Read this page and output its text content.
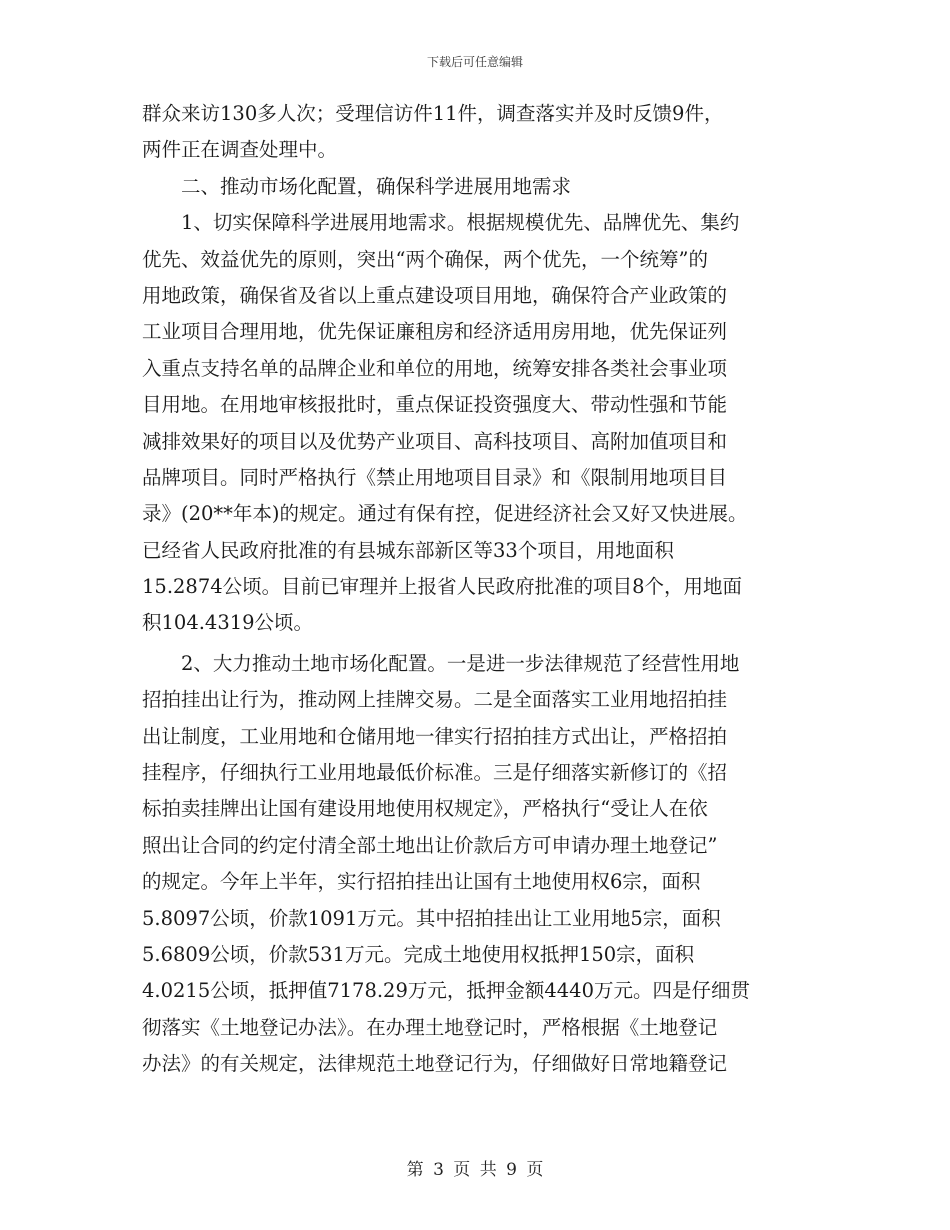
下载后可任意编辑
群众来访130多人次；受理信访件11件，调查落实并及时反馈9件，
两件正在调查处理中。
　　二、推动市场化配置，确保科学进展用地需求
　　1、切实保障科学进展用地需求。根据规模优先、品牌优先、集约
优先、效益优先的原则，突出“两个确保，两个优先，一个统筹”的
用地政策，确保省及省以上重点建设项目用地，确保符合产业政策的
工业项目合理用地，优先保证廉租房和经济适用房用地，优先保证列
入重点支持名单的品牌企业和单位的用地，统筹安排各类社会事业项
目用地。在用地审核报批时，重点保证投资强度大、带动性强和节能
减排效果好的项目以及优势产业项目、高科技项目、高附加值项目和
品牌项目。同时严格执行《禁止用地项目目录》和《限制用地项目目
录》(20**年本)的规定。通过有保有控，促进经济社会又好又快进展。
已经省人民政府批准的有县城东部新区等33个项目，用地面积
15.2874公顷。目前已审理并上报省人民政府批准的项目8个，用地面
积104.4319公顷。
　　2、大力推动土地市场化配置。一是进一步法律规范了经营性用地
招拍挂出让行为，推动网上挂牌交易。二是全面落实工业用地招拍挂
出让制度，工业用地和仓储用地一律实行招拍挂方式出让，严格招拍
挂程序，仔细执行工业用地最低价标准。三是仔细落实新修订的《招
标拍卖挂牌出让国有建设用地使用权规定》，严格执行“受让人在依
照出让合同的约定付清全部土地出让价款后方可申请办理土地登记”
的规定。今年上半年，实行招拍挂出让国有土地使用权6宗，面积
5.8097公顷，价款1091万元。其中招拍挂出让工业用地5宗，面积
5.6809公顷，价款531万元。完成土地使用权抵押150宗，面积
4.0215公顷，抵押值7178.29万元，抵押金额4440万元。四是仔细贯
彻落实《土地登记办法》。在办理土地登记时，严格根据《土地登记
办法》的有关规定，法律规范土地登记行为，仔细做好日常地籍登记
第 3 页 共 9 页
